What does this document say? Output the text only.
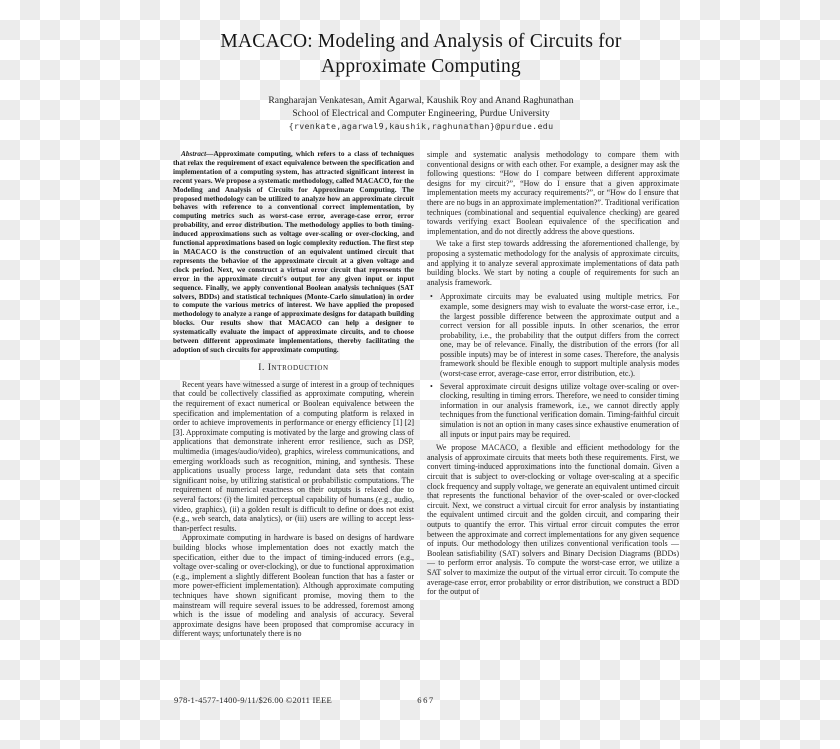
MACACO: Modeling and Analysis of Circuits for Approximate Computing
Rangharajan Venkatesan, Amit Agarwal, Kaushik Roy and Anand Raghunathan
School of Electrical and Computer Engineering, Purdue University
{rvenkate,agarwal9,kaushik,raghunathan}@purdue.edu

Abstract—Approximate computing, which refers to a class of techniques that relax the requirement of exact equivalence between the specification and implementation of a computing system, has attracted significant interest in recent years. We propose a systematic methodology, called MACACO, for the Modeling and Analysis of Circuits for Approximate Computing. The proposed methodology can be utilized to analyze how an approximate circuit behaves with reference to a conventional correct implementation, by computing metrics such as worst-case error, average-case error, error probability, and error distribution. The methodology applies to both timing-induced approximations such as voltage over-scaling or over-clocking, and functional approximations based on logic complexity reduction. The first step in MACACO is the construction of an equivalent untimed circuit that represents the behavior of the approximate circuit at a given voltage and clock period. Next, we construct a virtual error circuit that represents the error in the approximate circuit's output for any given input or input sequence. Finally, we apply conventional Boolean analysis techniques (SAT solvers, BDDs) and statistical techniques (Monte-Carlo simulation) in order to compute the various metrics of interest. We have applied the proposed methodology to analyze a range of approximate designs for datapath building blocks. Our results show that MACACO can help a designer to systematically evaluate the impact of approximate circuits, and to choose between different approximate implementations, thereby facilitating the adoption of such circuits for approximate computing.

I. Introduction

Recent years have witnessed a surge of interest in a group of techniques that could be collectively classified as approximate computing, wherein the requirement of exact numerical or Boolean equivalence between the specification and implementation of a computing platform is relaxed in order to achieve improvements in performance or energy efficiency [1] [2] [3]. Approximate computing is motivated by the large and growing class of applications that demonstrate inherent error resilience, such as DSP, multimedia (images/audio/video), graphics, wireless communications, and emerging workloads such as recognition, mining, and synthesis. These applications usually process large, redundant data sets that contain significant noise, by utilizing statistical or probabilistic computations. The requirement of numerical exactness on their outputs is relaxed due to several factors: (i) the limited perceptual capability of humans (e.g., audio, video, graphics), (ii) a golden result is difficult to define or does not exist (e.g., web search, data analytics), or (iii) users are willing to accept less-than-perfect results.

Approximate computing in hardware is based on designs of hardware building blocks whose implementation does not exactly match the specification, either due to the impact of timing-induced errors (e.g., voltage over-scaling or over-clocking), or due to functional approximation (e.g., implement a slightly different Boolean function that has a faster or more power-efficient implementation). Although approximate computing techniques have shown significant promise, moving them to the mainstream will require several issues to be addressed, foremost among which is the issue of modeling and analysis of accuracy. Several approximate designs have been proposed that compromise accuracy in different ways; unfortunately there is no

simple and systematic analysis methodology to compare them with conventional designs or with each other. For example, a designer may ask the following questions: “How do I compare between different approximate designs for my circuit?”, “How do I ensure that a given approximate implementation meets my accuracy requirements?”, or “How do I ensure that there are no bugs in an approximate implementation?”. Traditional verification techniques (combinational and sequential equivalence checking) are geared towards verifying exact Boolean equivalence of the specification and implementation, and do not directly address the above questions.

We take a first step towards addressing the aforementioned challenge, by proposing a systematic methodology for the analysis of approximate circuits, and applying it to analyze several approximate implementations of data path building blocks. We start by noting a couple of requirements for such an analysis framework.

• Approximate circuits may be evaluated using multiple metrics. For example, some designers may wish to evaluate the worst-case error, i.e., the largest possible difference between the approximate output and a correct version for all possible inputs. In other scenarios, the error probability, i.e., the probability that the output differs from the correct one, may be of relevance. Finally, the distribution of the errors (for all possible inputs) may be of interest in some cases. Therefore, the analysis framework should be flexible enough to support multiple analysis modes (worst-case error, average-case error, error distribution, etc.).
• Several approximate circuit designs utilize voltage over-scaling or over-clocking, resulting in timing errors. Therefore, we need to consider timing information in our analysis framework, i.e., we cannot directly apply techniques from the functional verification domain. Timing-faithful circuit simulation is not an option in many cases since exhaustive enumeration of all inputs or input pairs may be required.

We propose MACACO, a flexible and efficient methodology for the analysis of approximate circuits that meets both these requirements. First, we convert timing-induced approximations into the functional domain. Given a circuit that is subject to over-clocking or voltage over-scaling at a specific clock frequency and supply voltage, we generate an equivalent untimed circuit that represents the functional behavior of the over-scaled or over-clocked circuit. Next, we construct a virtual circuit for error analysis by instantiating the equivalent untimed circuit and the golden circuit, and comparing their outputs to quantify the error. This virtual error circuit computes the error between the approximate and correct implementations for any given sequence of inputs. Our methodology then utilizes conventional verification tools — Boolean satisfiability (SAT) solvers and Binary Decision Diagrams (BDDs) — to perform error analysis. To compute the worst-case error, we utilize a SAT solver to maximize the output of the virtual error circuit. To compute the average-case error, error probability or error distribution, we construct a BDD for the output of

978-1-4577-1400-9/11/$26.00 ©2011 IEEE	667
